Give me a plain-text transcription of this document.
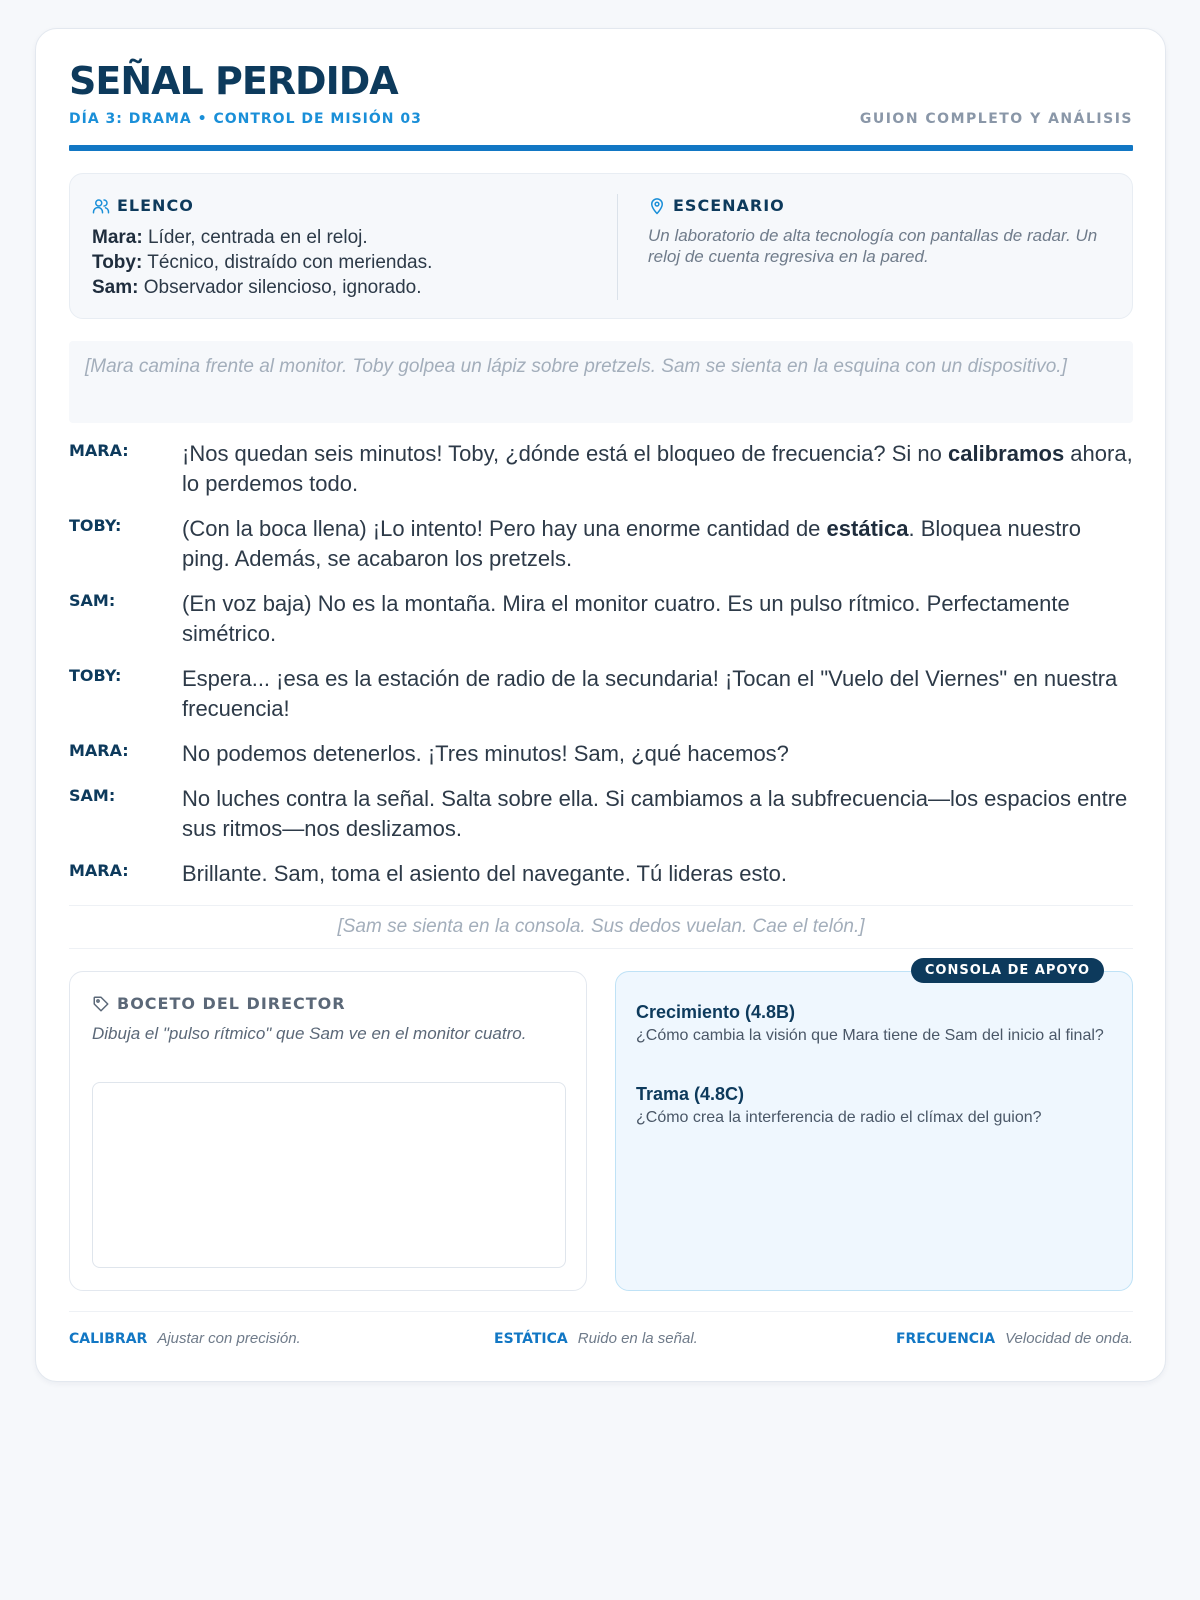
SEÑAL PERDIDA
DÍA 3: DRAMA • CONTROL DE MISIÓN 03	GUION COMPLETO Y ANÁLISIS
ELENCO
Mara: Líder, centrada en el reloj.
Toby: Técnico, distraído con meriendas.
Sam: Observador silencioso, ignorado.
ESCENARIO
Un laboratorio de alta tecnología con pantallas de radar. Un reloj de cuenta regresiva en la pared.
[Mara camina frente al monitor. Toby golpea un lápiz sobre pretzels. Sam se sienta en la esquina con un dispositivo.]
MARA:	¡Nos quedan seis minutos! Toby, ¿dónde está el bloqueo de frecuencia? Si no calibramos ahora, lo perdemos todo.
TOBY:	(Con la boca llena) ¡Lo intento! Pero hay una enorme cantidad de estática. Bloquea nuestro ping. Además, se acabaron los pretzels.
SAM:	(En voz baja) No es la montaña. Mira el monitor cuatro. Es un pulso rítmico. Perfectamente simétrico.
TOBY:	Espera... ¡esa es la estación de radio de la secundaria! ¡Tocan el "Vuelo del Viernes" en nuestra frecuencia!
MARA:	No podemos detenerlos. ¡Tres minutos! Sam, ¿qué hacemos?
SAM:	No luches contra la señal. Salta sobre ella. Si cambiamos a la subfrecuencia—los espacios entre sus ritmos—nos deslizamos.
MARA:	Brillante. Sam, toma el asiento del navegante. Tú lideras esto.
[Sam se sienta en la consola. Sus dedos vuelan. Cae el telón.]
BOCETO DEL DIRECTOR
Dibuja el "pulso rítmico" que Sam ve en el monitor cuatro.
CONSOLA DE APOYO
Crecimiento (4.8B)
¿Cómo cambia la visión que Mara tiene de Sam del inicio al final?
Trama (4.8C)
¿Cómo crea la interferencia de radio el clímax del guion?
CALIBRAR Ajustar con precisión.	ESTÁTICA Ruido en la señal.	FRECUENCIA Velocidad de onda.
